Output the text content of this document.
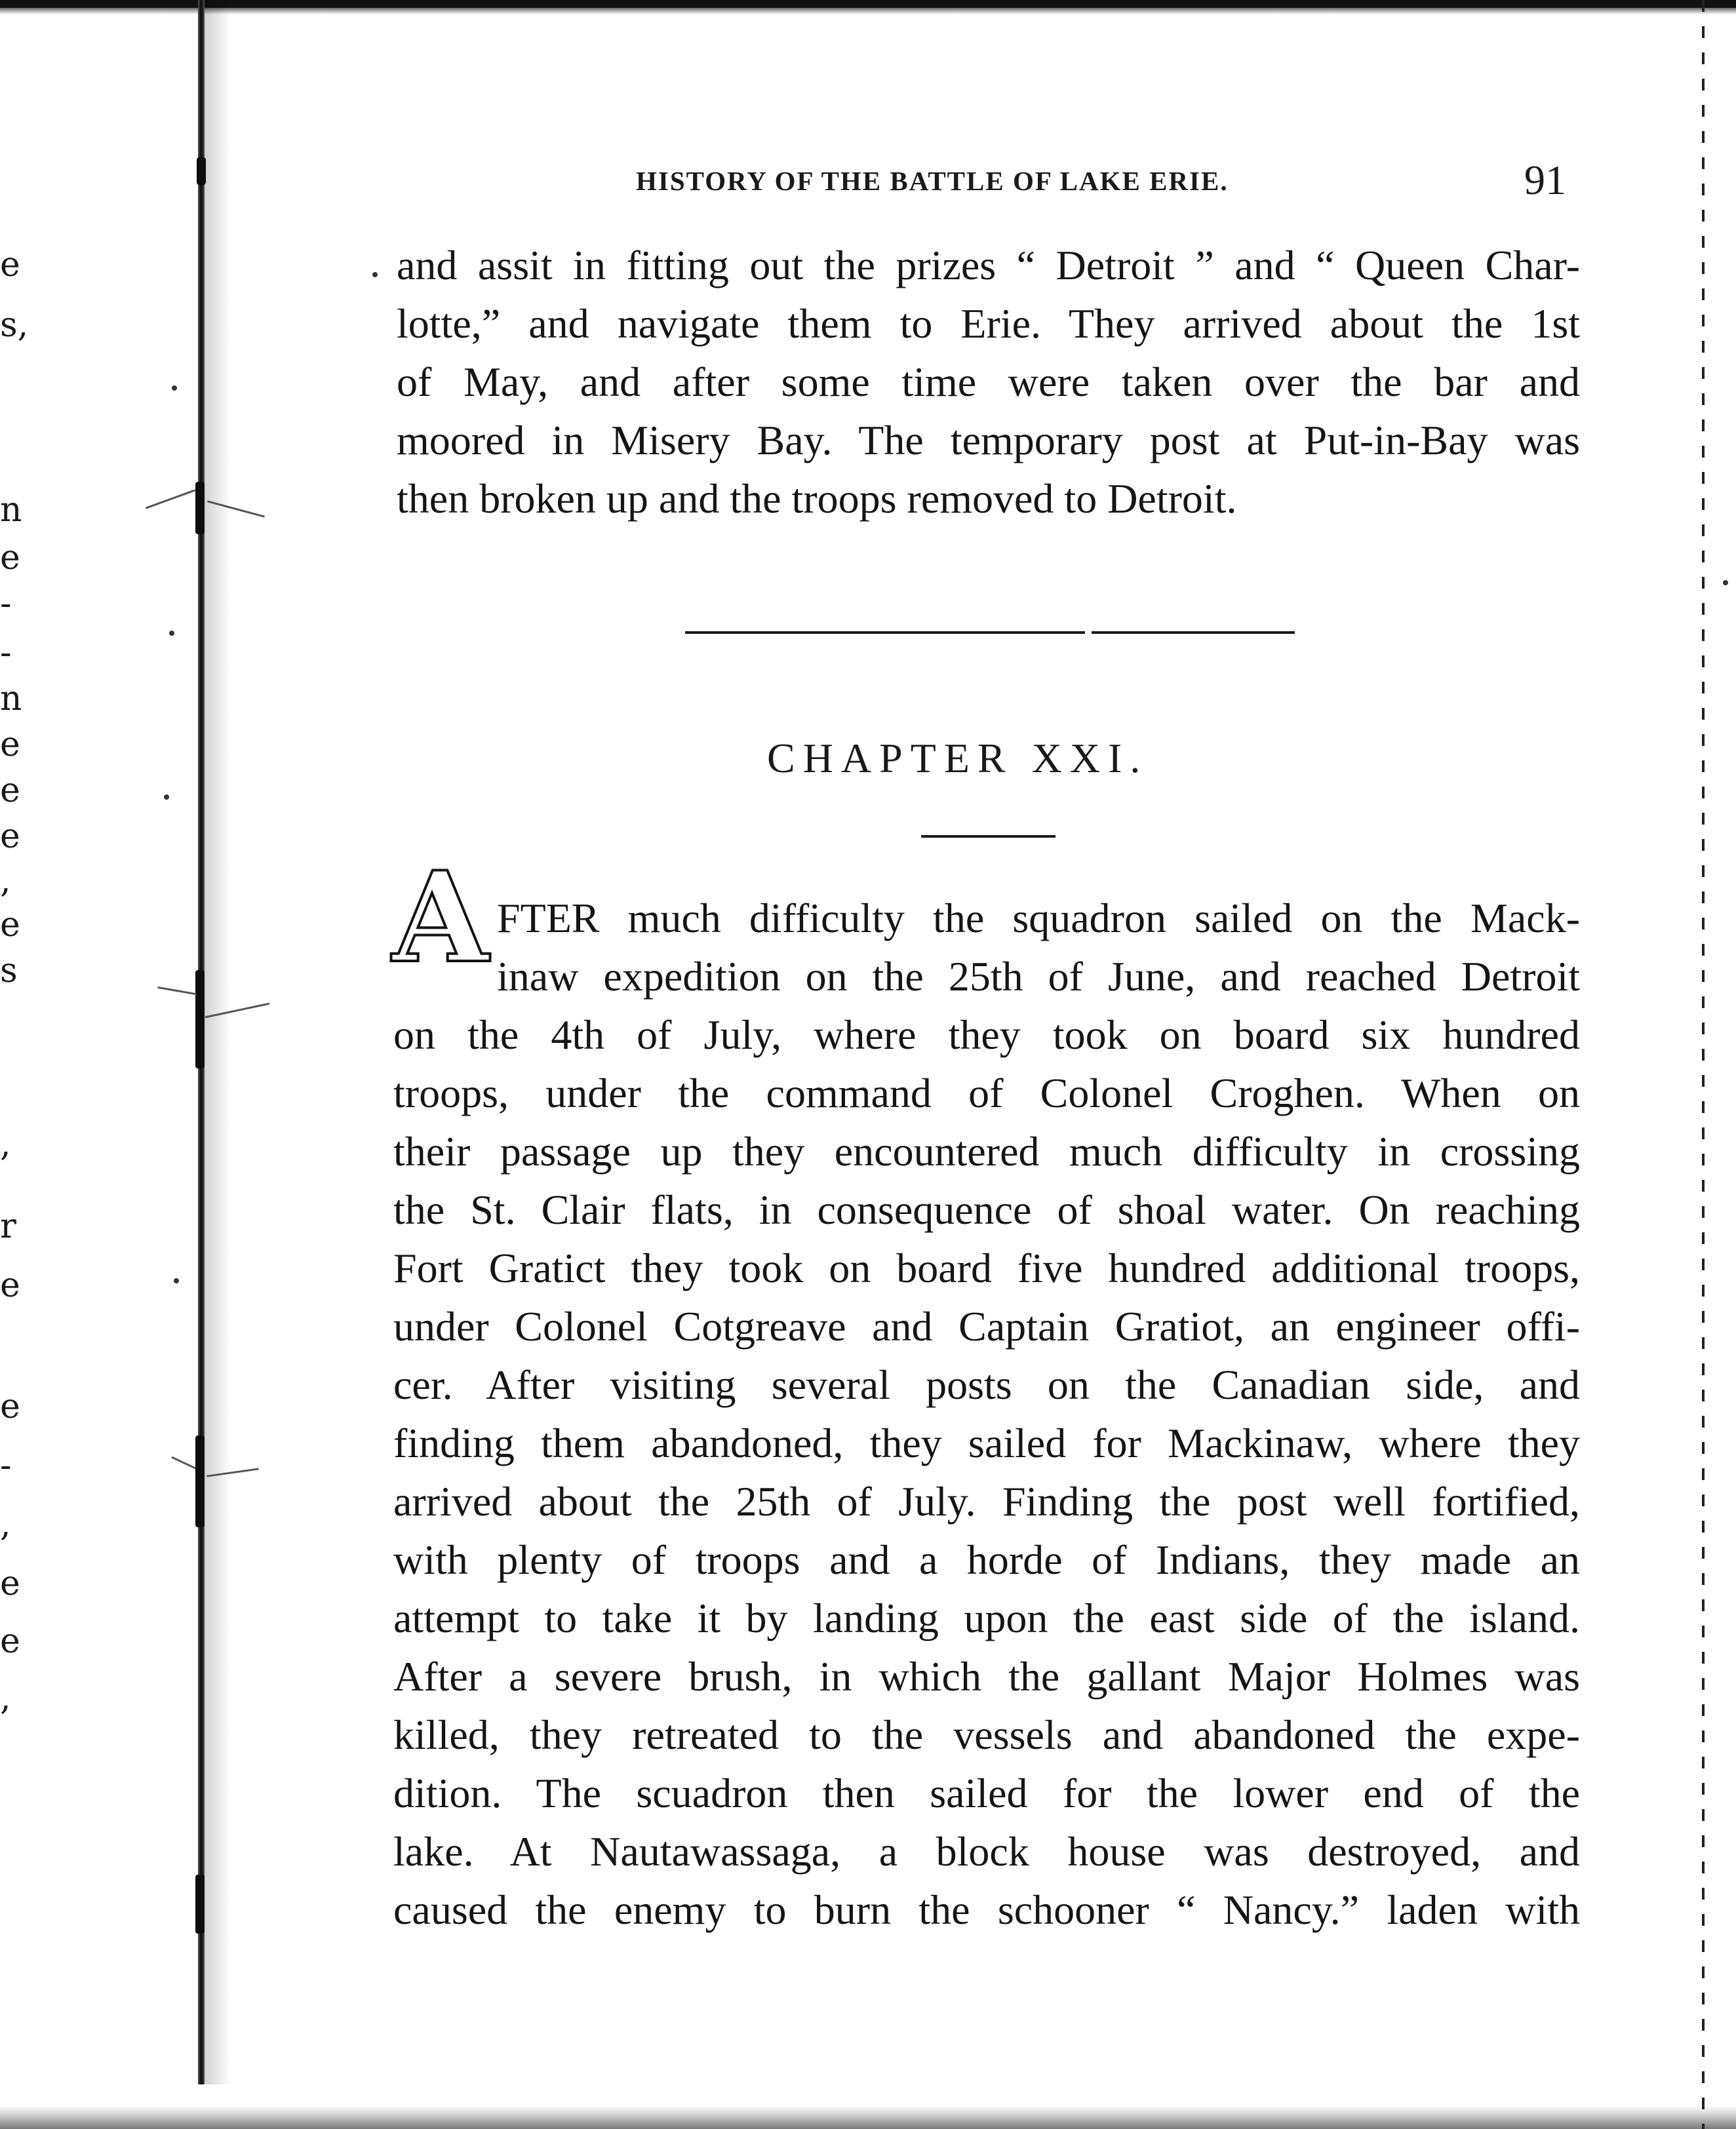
e
s,
n
e
-
-
n
e
e
e
,
e
s
,
r
e
e
-
,
e
e
,
HISTORY OF THE BATTLE OF LAKE ERIE.	91
and assit in fitting out the prizes “ Detroit ” and “ Queen Char-
lotte,” and navigate them to Erie. They arrived about the 1st
of May, and after some time were taken over the bar and
moored in Misery Bay. The temporary post at Put-in-Bay was
then broken up and the troops removed to Detroit.
CHAPTER XXI.
A FTER much difficulty the squadron sailed on the Mack-
inaw expedition on the 25th of June, and reached Detroit
on the 4th of July, where they took on board six hundred
troops, under the command of Colonel Croghen. When on
their passage up they encountered much difficulty in crossing
the St. Clair flats, in consequence of shoal water. On reaching
Fort Gratict they took on board five hundred additional troops,
under Colonel Cotgreave and Captain Gratiot, an engineer offi-
cer. After visiting several posts on the Canadian side, and
finding them abandoned, they sailed for Mackinaw, where they
arrived about the 25th of July. Finding the post well fortified,
with plenty of troops and a horde of Indians, they made an
attempt to take it by landing upon the east side of the island.
After a severe brush, in which the gallant Major Holmes was
killed, they retreated to the vessels and abandoned the expe-
dition. The scuadron then sailed for the lower end of the
lake. At Nautawassaga, a block house was destroyed, and
caused the enemy to burn the schooner “ Nancy.” laden with
